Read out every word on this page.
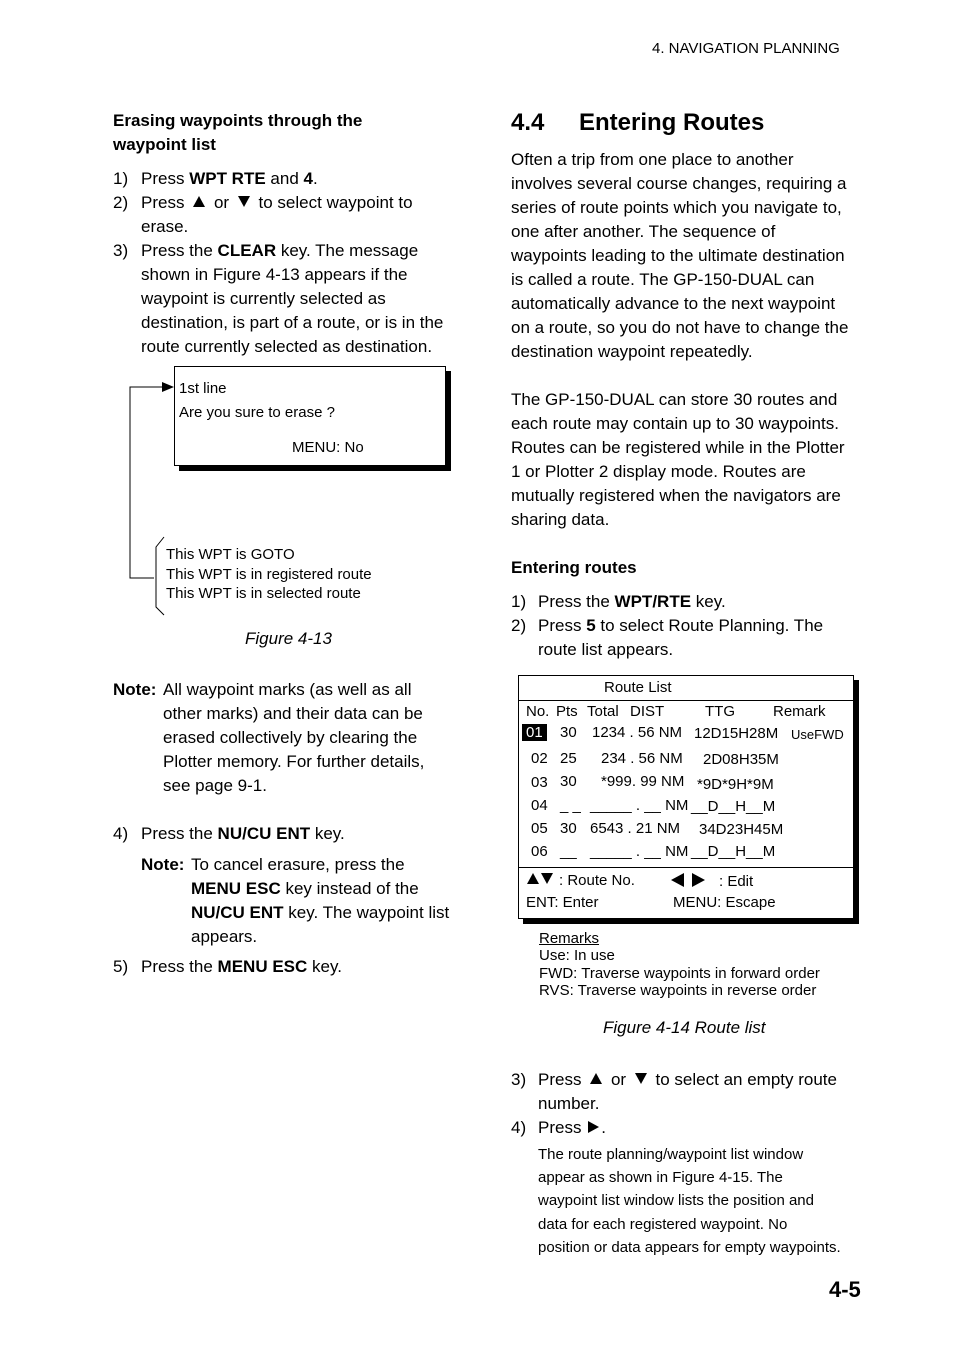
4. NAVIGATION PLANNING
Erasing waypoints through the
waypoint list
1) Press WPT RTE and 4.
2) Press or to select waypoint to
erase.
3) Press the CLEAR key. The message
shown in Figure 4-13 appears if the
waypoint is currently selected as
destination, is part of a route, or is in the
route currently selected as destination.
1st line
Are you sure to erase ?
MENU: No
This WPT is GOTO
This WPT is in registered route
This WPT is in selected route
Figure 4-13
Note: All waypoint marks (as well as all
other marks) and their data can be
erased collectively by clearing the
Plotter memory. For further details,
see page 9-1.
4) Press the NU/CU ENT key.
Note: To cancel erasure, press the
MENU ESC key instead of the
NU/CU ENT key. The waypoint list
appears.
5) Press the MENU ESC key.
4.4 Entering Routes
Often a trip from one place to another
involves several course changes, requiring a
series of route points which you navigate to,
one after another. The sequence of
waypoints leading to the ultimate destination
is called a route. The GP-150-DUAL can
automatically advance to the next waypoint
on a route, so you do not have to change the
destination waypoint repeatedly.
The GP-150-DUAL can store 30 routes and
each route may contain up to 30 waypoints.
Routes can be registered while in the Plotter
1 or Plotter 2 display mode. Routes are
mutually registered when the navigators are
sharing data.
Entering routes
1) Press the WPT/RTE key.
2) Press 5 to select Route Planning. The
route list appears.
Route List
No. Pts Total DIST	TTG	Remark
01 30 1234 . 56 NM 12D15H28M UseFWD
02 25 234 . 56 NM 2D08H35M
03 30 *999. 99 NM *9D*9H*9M
04 _ _ _____ . __ NM __D__H__M
05 30 6543 . 21 NM 34D23H45M
06 __ _____ . __ NM __D__H__M
: Route No.	: Edit
ENT: Enter	MENU: Escape
Remarks
Use: In use
FWD: Traverse waypoints in forward order
RVS: Traverse waypoints in reverse order
Figure 4-14 Route list
3) Press or to select an empty route
number.
4) Press .
The route planning/waypoint list window
appear as shown in Figure 4-15. The
waypoint list window lists the position and
data for each registered waypoint. No
position or data appears for empty waypoints.
4-5
